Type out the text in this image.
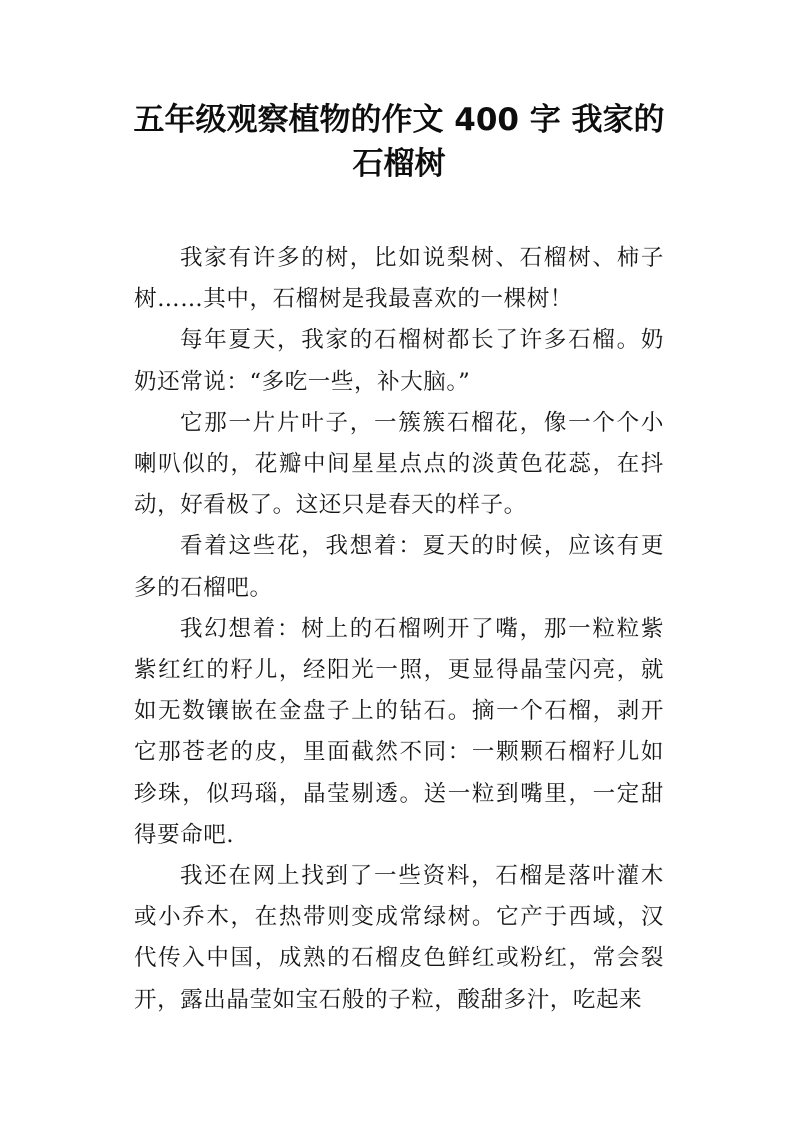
五年级观察植物的作文 400 字 我家的
石榴树

我家有许多的树，比如说梨树、石榴树、柿子树……其中，石榴树是我最喜欢的一棵树！

每年夏天，我家的石榴树都长了许多石榴。奶奶还常说：“多吃一些，补大脑。”

它那一片片叶子，一簇簇石榴花，像一个个小喇叭似的，花瓣中间星星点点的淡黄色花蕊，在抖动，好看极了。这还只是春天的样子。

看着这些花，我想着：夏天的时候，应该有更多的石榴吧。

我幻想着：树上的石榴咧开了嘴，那一粒粒紫紫红红的籽儿，经阳光一照，更显得晶莹闪亮，就如无数镶嵌在金盘子上的钻石。摘一个石榴，剥开它那苍老的皮，里面截然不同：一颗颗石榴籽儿如珍珠，似玛瑙，晶莹剔透。送一粒到嘴里，一定甜得要命吧.

我还在网上找到了一些资料，石榴是落叶灌木或小乔木，在热带则变成常绿树。它产于西域，汉代传入中国，成熟的石榴皮色鲜红或粉红，常会裂开，露出晶莹如宝石般的子粒，酸甜多汁，吃起来
